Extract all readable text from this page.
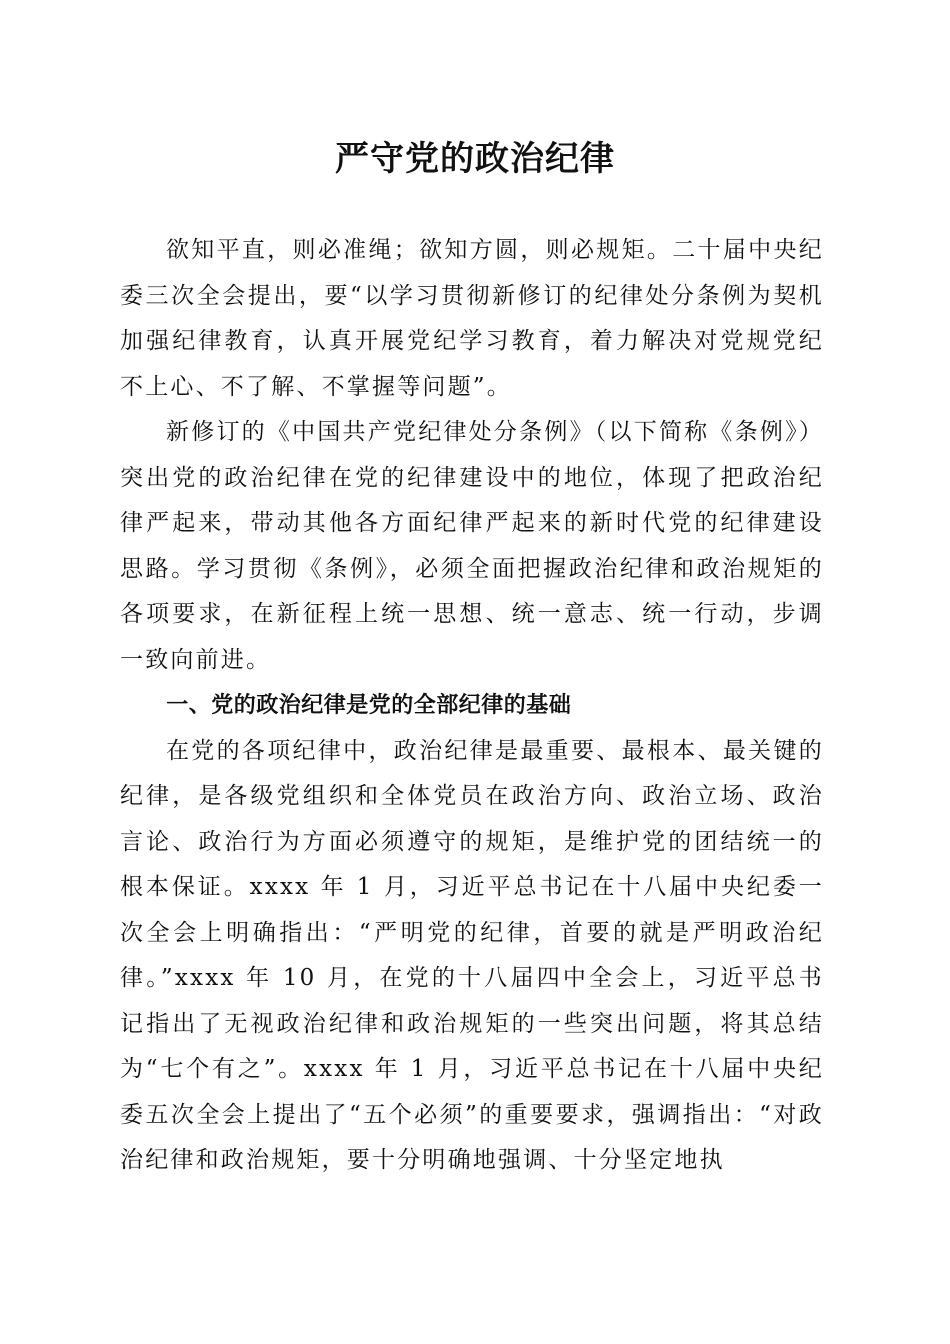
严守党的政治纪律

欲知平直，则必准绳；欲知方圆，则必规矩。二十届中央纪委三次全会提出，要“以学习贯彻新修订的纪律处分条例为契机加强纪律教育，认真开展党纪学习教育，着力解决对党规党纪不上心、不了解、不掌握等问题”。

新修订的《中国共产党纪律处分条例》（以下简称《条例》）突出党的政治纪律在党的纪律建设中的地位，体现了把政治纪律严起来，带动其他各方面纪律严起来的新时代党的纪律建设思路。学习贯彻《条例》，必须全面把握政治纪律和政治规矩的各项要求，在新征程上统一思想、统一意志、统一行动，步调一致向前进。

一、党的政治纪律是党的全部纪律的基础

在党的各项纪律中，政治纪律是最重要、最根本、最关键的纪律，是各级党组织和全体党员在政治方向、政治立场、政治言论、政治行为方面必须遵守的规矩，是维护党的团结统一的根本保证。xxxx 年 1 月，习近平总书记在十八届中央纪委一次全会上明确指出：“严明党的纪律，首要的就是严明政治纪律。”xxxx 年 10 月，在党的十八届四中全会上，习近平总书记指出了无视政治纪律和政治规矩的一些突出问题，将其总结为“七个有之”。xxxx 年 1 月，习近平总书记在十八届中央纪委五次全会上提出了“五个必须”的重要要求，强调指出：“对政治纪律和政治规矩，要十分明确地强调、十分坚定地执
